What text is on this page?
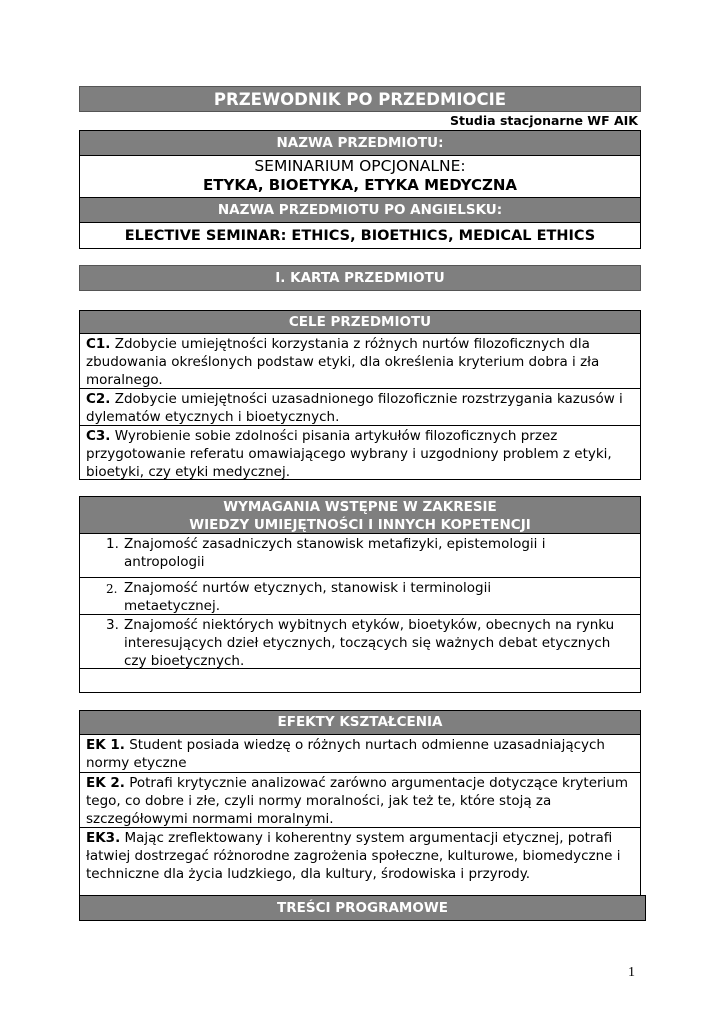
PRZEWODNIK PO PRZEDMIOCIE
Studia stacjonarne WF AIK
NAZWA PRZEDMIOTU:
SEMINARIUM OPCJONALNE:
ETYKA, BIOETYKA, ETYKA MEDYCZNA
NAZWA PRZEDMIOTU PO ANGIELSKU:
ELECTIVE SEMINAR: ETHICS, BIOETHICS, MEDICAL ETHICS
I. KARTA PRZEDMIOTU
CELE PRZEDMIOTU
C1. Zdobycie umiejętności korzystania z różnych nurtów filozoficznych dla zbudowania określonych podstaw etyki, dla określenia kryterium dobra i zła moralnego.
C2. Zdobycie umiejętności uzasadnionego filozoficznie rozstrzygania kazusów i dylematów etycznych i bioetycznych.
C3. Wyrobienie sobie zdolności pisania artykułów filozoficznych przez przygotowanie referatu omawiającego wybrany i uzgodniony problem z etyki, bioetyki, czy etyki medycznej.
WYMAGANIA WSTĘPNE W ZAKRESIE
WIEDZY UMIEJĘTNOŚCI I INNYCH KOPETENCJI
1. Znajomość zasadniczych stanowisk metafizyki, epistemologii i antropologii
2. Znajomość nurtów etycznych, stanowisk i terminologii metaetycznej.
3. Znajomość niektórych wybitnych etyków, bioetyków, obecnych na rynku interesujących dzieł etycznych, toczących się ważnych debat etycznych czy bioetycznych.
EFEKTY KSZTAŁCENIA
EK 1. Student posiada wiedzę o różnych nurtach odmienne uzasadniających normy etyczne
EK 2. Potrafi krytycznie analizować zarówno argumentacje dotyczące kryterium tego, co dobre i złe, czyli normy moralności, jak też te, które stoją za szczegółowymi normami moralnymi.
EK3. Mając zreflektowany i koherentny system argumentacji etycznej, potrafi łatwiej dostrzegać różnorodne zagrożenia społeczne, kulturowe, biomedyczne i techniczne dla życia ludzkiego, dla kultury, środowiska i przyrody.
TREŚCI PROGRAMOWE
1
